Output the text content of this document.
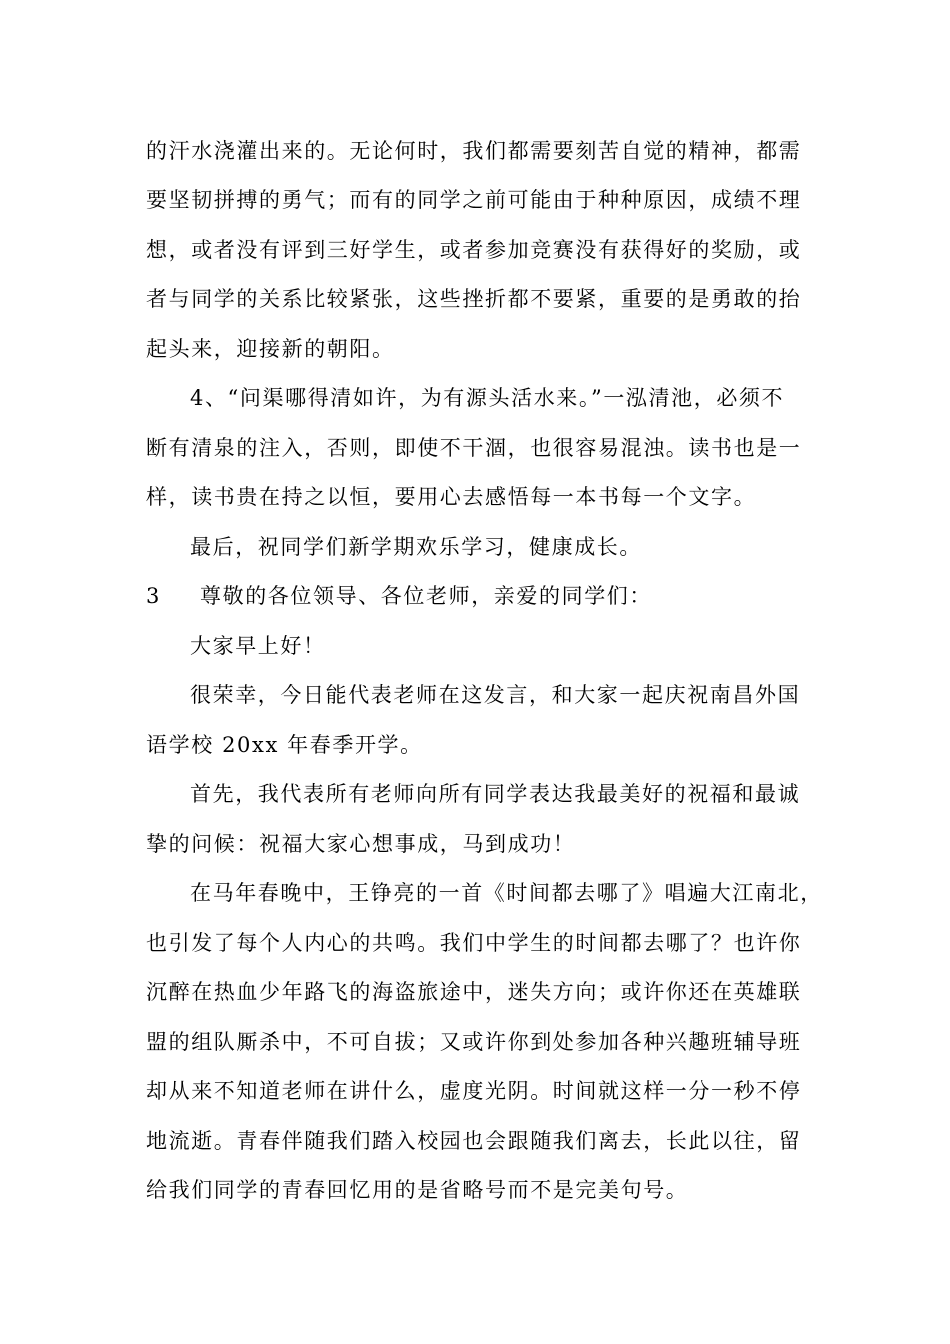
的汗水浇灌出来的。无论何时，我们都需要刻苦自觉的精神，都需
要坚韧拼搏的勇气；而有的同学之前可能由于种种原因，成绩不理
想，或者没有评到三好学生，或者参加竞赛没有获得好的奖励，或
者与同学的关系比较紧张，这些挫折都不要紧，重要的是勇敢的抬
起头来，迎接新的朝阳。
4、“问渠哪得清如许，为有源头活水来。”一泓清池，必须不
断有清泉的注入，否则，即使不干涸，也很容易混浊。读书也是一
样，读书贵在持之以恒，要用心去感悟每一本书每一个文字。
最后，祝同学们新学期欢乐学习，健康成长。
3 尊敬的各位领导、各位老师，亲爱的同学们：
大家早上好！
很荣幸，今日能代表老师在这发言，和大家一起庆祝南昌外国
语学校 20xx 年春季开学。
首先，我代表所有老师向所有同学表达我最美好的祝福和最诚
挚的问候：祝福大家心想事成，马到成功！
在马年春晚中，王铮亮的一首《时间都去哪了》唱遍大江南北，
也引发了每个人内心的共鸣。我们中学生的时间都去哪了？也许你
沉醉在热血少年路飞的海盗旅途中，迷失方向；或许你还在英雄联
盟的组队厮杀中，不可自拔；又或许你到处参加各种兴趣班辅导班
却从来不知道老师在讲什么，虚度光阴。时间就这样一分一秒不停
地流逝。青春伴随我们踏入校园也会跟随我们离去，长此以往，留
给我们同学的青春回忆用的是省略号而不是完美句号。
